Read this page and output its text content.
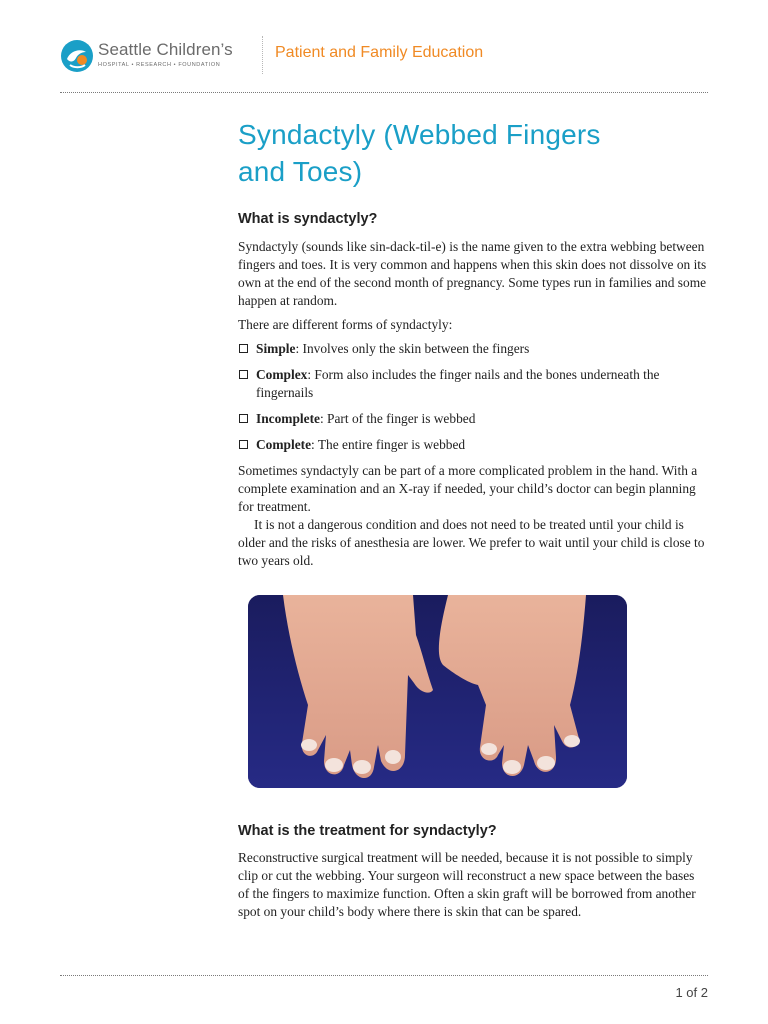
Seattle Children’s
HOSPITAL • RESEARCH • FOUNDATION
Patient and Family Education
Syndactyly (Webbed Fingers
and Toes)
What is syndactyly?

Syndactyly (sounds like sin-dack-til-e) is the name given to the extra webbing between fingers and toes. It is very common and happens when this skin does not dissolve on its own at the end of the second month of pregnancy. Some types run in families and some happen at random.

There are different forms of syndactyly:

Simple: Involves only the skin between the fingers
Complex: Form also includes the finger nails and the bones underneath the fingernails
Incomplete: Part of the finger is webbed
Complete: The entire finger is webbed

Sometimes syndactyly can be part of a more complicated problem in the hand. With a complete examination and an X-ray if needed, your child’s doctor can begin planning for treatment.

It is not a dangerous condition and does not need to be treated until your child is older and the risks of anesthesia are lower. We prefer to wait until your child is close to two years old.

What is the treatment for syndactyly?

Reconstructive surgical treatment will be needed, because it is not possible to simply clip or cut the webbing. Your surgeon will reconstruct a new space between the bases of the fingers to maximize function. Often a skin graft will be borrowed from another spot on your child’s body where there is skin that can be spared.

1 of 2
